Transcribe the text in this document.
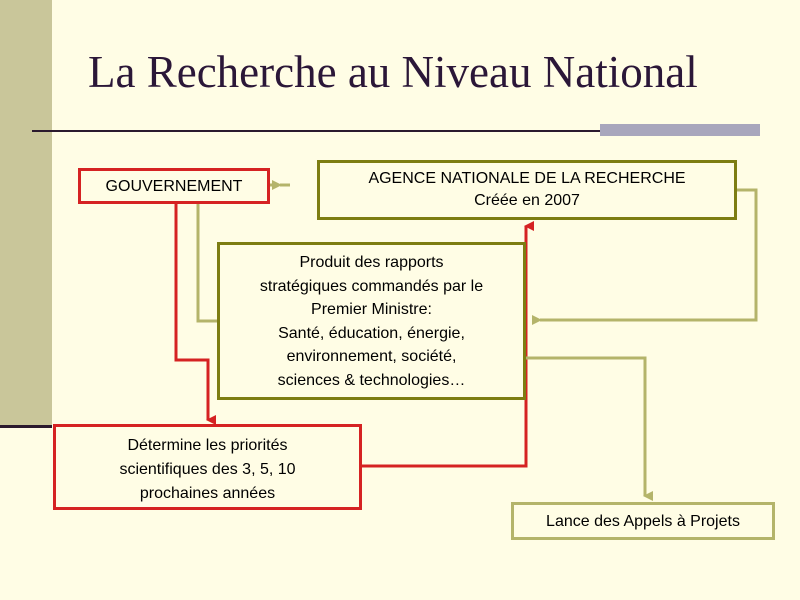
La Recherche au Niveau National
GOUVERNEMENT	AGENCE NATIONALE DE LA RECHERCHE
Créée en 2007
Produit des rapports
stratégiques commandés par le
Premier Ministre:
Santé, éducation, énergie,
environnement, société,
sciences & technologies…
Détermine les priorités
scientifiques des 3, 5, 10
prochaines années
Lance des Appels à Projets
